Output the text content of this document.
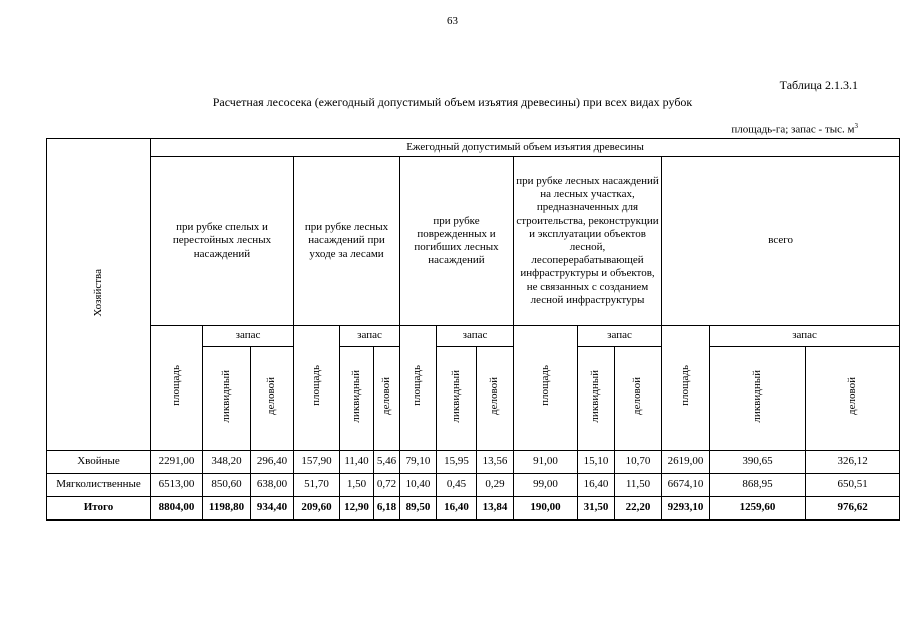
63
Таблица 2.1.3.1
Расчетная лесосека (ежегодный допустимый объем изъятия древесины) при всех видах рубок
площадь-га; запас - тыс. $м^3$
Хозяйства	Ежегодный допустимый объем изъятия древесины														
	при рубке спелых и перестойных лесных насаждений			при рубке лесных насаждений при уходе за лесами			при рубке поврежденных и погибших лесных насаждений			при рубке лесных насаждений на лесных участках, предназначенных для строительства, реконструкции и эксплуатации объектов лесной, лесоперерабатывающей инфраструктуры и объектов, не связанных с созданием лесной инфраструктуры			всего		
	площадь	запас		площадь	запас		площадь	запас		площадь	запас		площадь	запас	
		ликвидный	деловой		ликвидный	деловой		ликвидный	деловой		ликвидный	деловой		ликвидный	деловой
Хвойные	2291,00	348,20	296,40	157,90	11,40	5,46	79,10	15,95	13,56	91,00	15,10	10,70	2619,00	390,65	326,12
Мягколиственные	6513,00	850,60	638,00	51,70	1,50	0,72	10,40	0,45	0,29	99,00	16,40	11,50	6674,10	868,95	650,51
Итого	8804,00	1198,80	934,40	209,60	12,90	6,18	89,50	16,40	13,84	190,00	31,50	22,20	9293,10	1259,60	976,62
